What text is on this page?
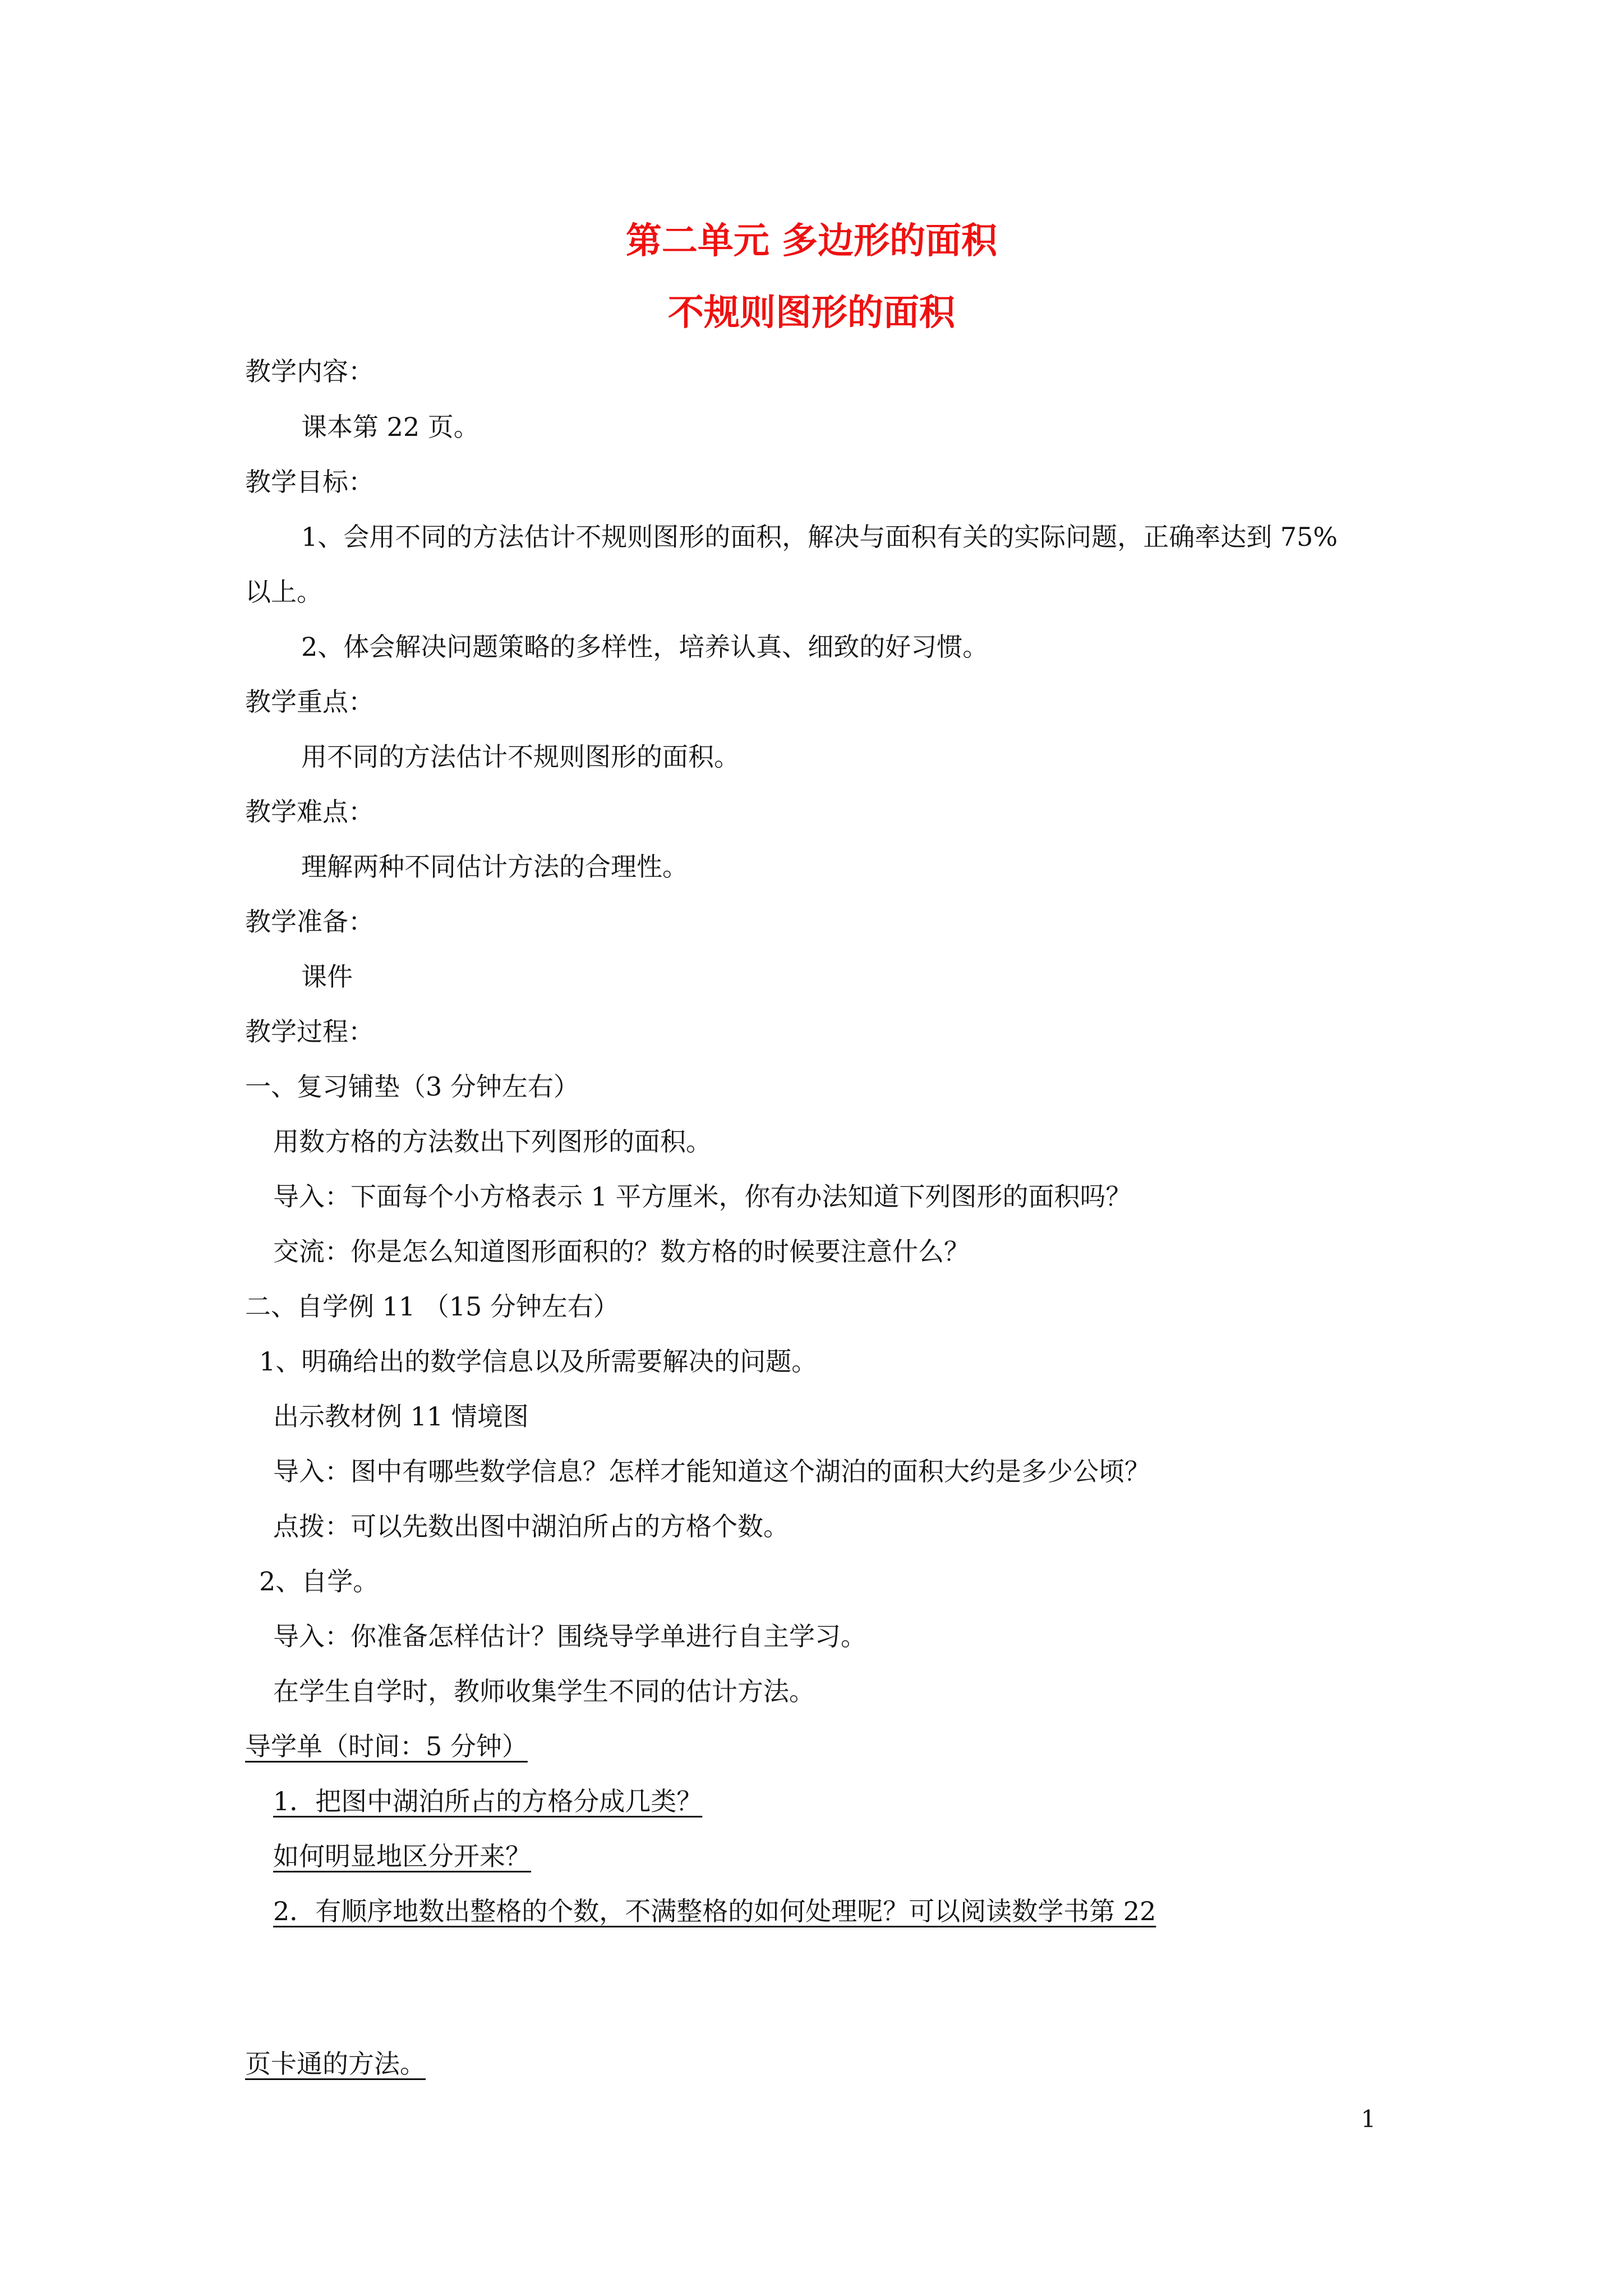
第二单元 多边形的面积
不规则图形的面积
教学内容：
课本第 22 页。
教学目标：
1、会用不同的方法估计不规则图形的面积，解决与面积有关的实际问题，正确率达到 75%
以上。
2、体会解决问题策略的多样性，培养认真、细致的好习惯。
教学重点：
用不同的方法估计不规则图形的面积。
教学难点：
理解两种不同估计方法的合理性。
教学准备：
课件
教学过程：
一、复习铺垫（3 分钟左右）
用数方格的方法数出下列图形的面积。
导入：下面每个小方格表示 1 平方厘米，你有办法知道下列图形的面积吗？
交流：你是怎么知道图形面积的？数方格的时候要注意什么？
二、自学例 11 （15 分钟左右）
1、明确给出的数学信息以及所需要解决的问题。
出示教材例 11 情境图
导入：图中有哪些数学信息？怎样才能知道这个湖泊的面积大约是多少公顷？
点拨：可以先数出图中湖泊所占的方格个数。
2、自学。
导入：你准备怎样估计？围绕导学单进行自主学习。
在学生自学时，教师收集学生不同的估计方法。
导学单（时间：5 分钟）
1．把图中湖泊所占的方格分成几类？
如何明显地区分开来？
2．有顺序地数出整格的个数，不满整格的如何处理呢？可以阅读数学书第 22
页卡通的方法。
1
